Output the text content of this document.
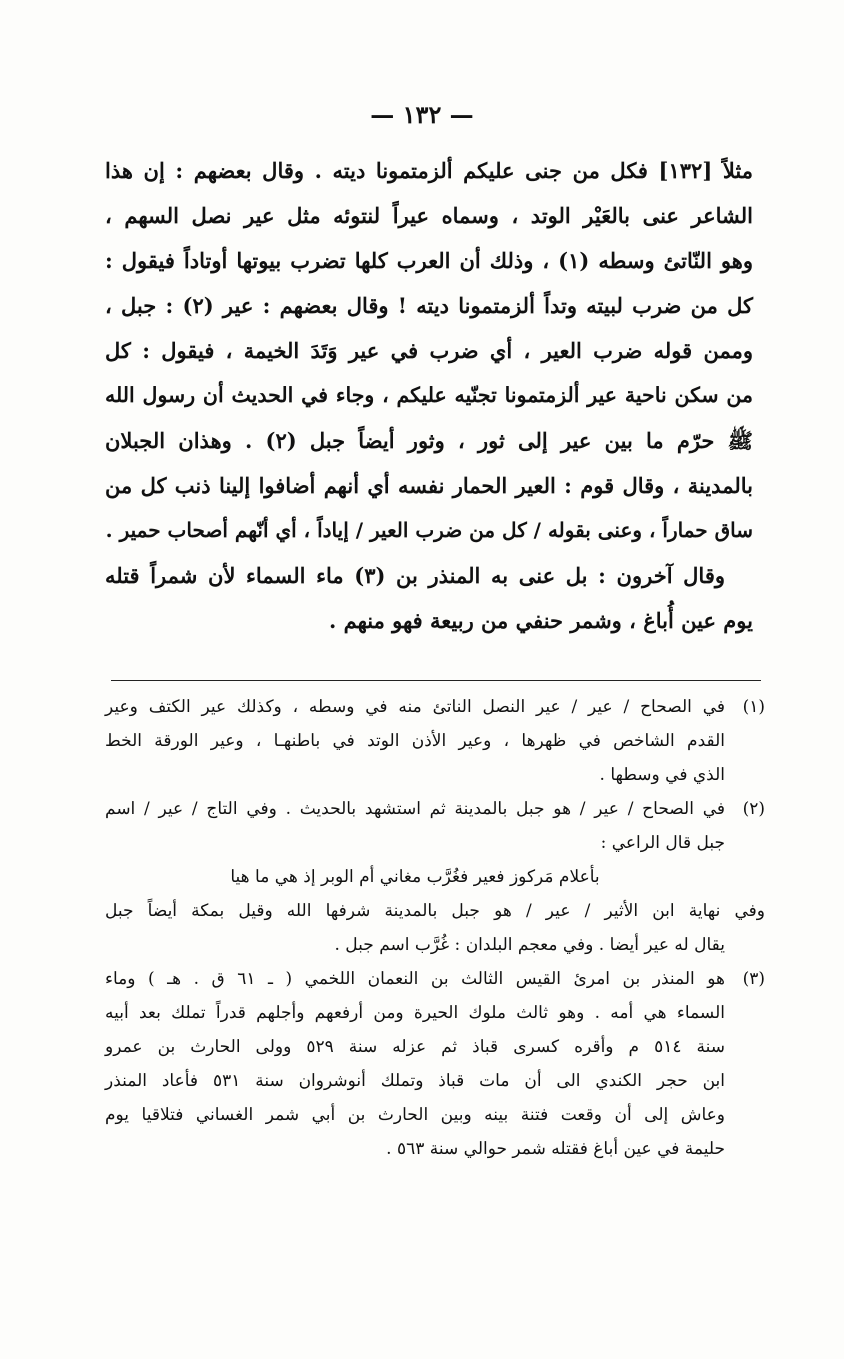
— ١٣٢ —
مثلاً [١٣٢] فكل من جنى عليكم ألزمتمونا ديته . وقال بعضهم : إن هذا
الشاعر عنى بالعَيْر الوتد ، وسماه عيراً لنتوئه مثل عير نصل السهم ،
وهو النّاتئ وسطه (١) ، وذلك أن العرب كلها تضرب بيوتها أوتاداً فيقول :
كل من ضرب لبيته وتداً ألزمتمونا ديته ! وقال بعضهم : عير (٢) : جبل ،
وممن قوله ضرب العير ، أي ضرب في عير وَتَدَ الخيمة ، فيقول : كل
من سكن ناحية عير ألزمتمونا تجنّيه عليكم ، وجاء في الحديث أن رسول الله
ﷺ حرّم ما بين عير إلى ثور ، وثور أيضاً جبل (٢) . وهذان الجبلان
بالمدينة ، وقال قوم : العير الحمار نفسه أي أنهم أضافوا إلينا ذنب كل من
ساق حماراً ، وعنى بقوله / كل من ضرب العير / إياداً ، أي أنّهم أصحاب حمير .
وقال آخرون : بل عنى به المنذر بن (٣) ماء السماء لأن شمراً قتله
يوم عين أُباغ ، وشمر حنفي من ربيعة فهو منهم .
(١)في الصحاح / عير / عير النصل الناتئ منه في وسطه ، وكذلك عير الكتف وعير
القدم الشاخص في ظهرها ، وعير الأذن الوتد في باطنهـا ، وعير الورقة الخط
الذي في وسطها .
(٢)في الصحاح / عير / هو جبل بالمدينة ثم استشهد بالحديث . وفي التاج / عير / اسم
جبل قال الراعي :
بأعلام مَركوز فعير فغُرَّب مغاني أم الوبر إذ هي ما هيا
وفي نهاية ابن الأثير / عير / هو جبل بالمدينة شرفها الله وقيل بمكة أيضاً جبل
يقال له عير أيضا . وفي معجم البلدان : غُرَّب اسم جبل .
(٣)هو المنذر بن امرئ القيس الثالث بن النعمان اللخمي ( ـ ٦١ ق . هـ ) وماء
السماء هي أمه . وهو ثالث ملوك الحيرة ومن أرفعهم وأجلهم قدراً تملك بعد أبيه
سنة ٥١٤ م وأقره كسرى قباذ ثم عزله سنة ٥٢٩ وولى الحارث بن عمرو
ابن حجر الكندي الى أن مات قباذ وتملك أنوشروان سنة ٥٣١ فأعاد المنذر
وعاش إلى أن وقعت فتنة بينه وبين الحارث بن أبي شمر الغساني فتلاقيا يوم
حليمة في عين أباغ فقتله شمر حوالي سنة ٥٦٣ .
